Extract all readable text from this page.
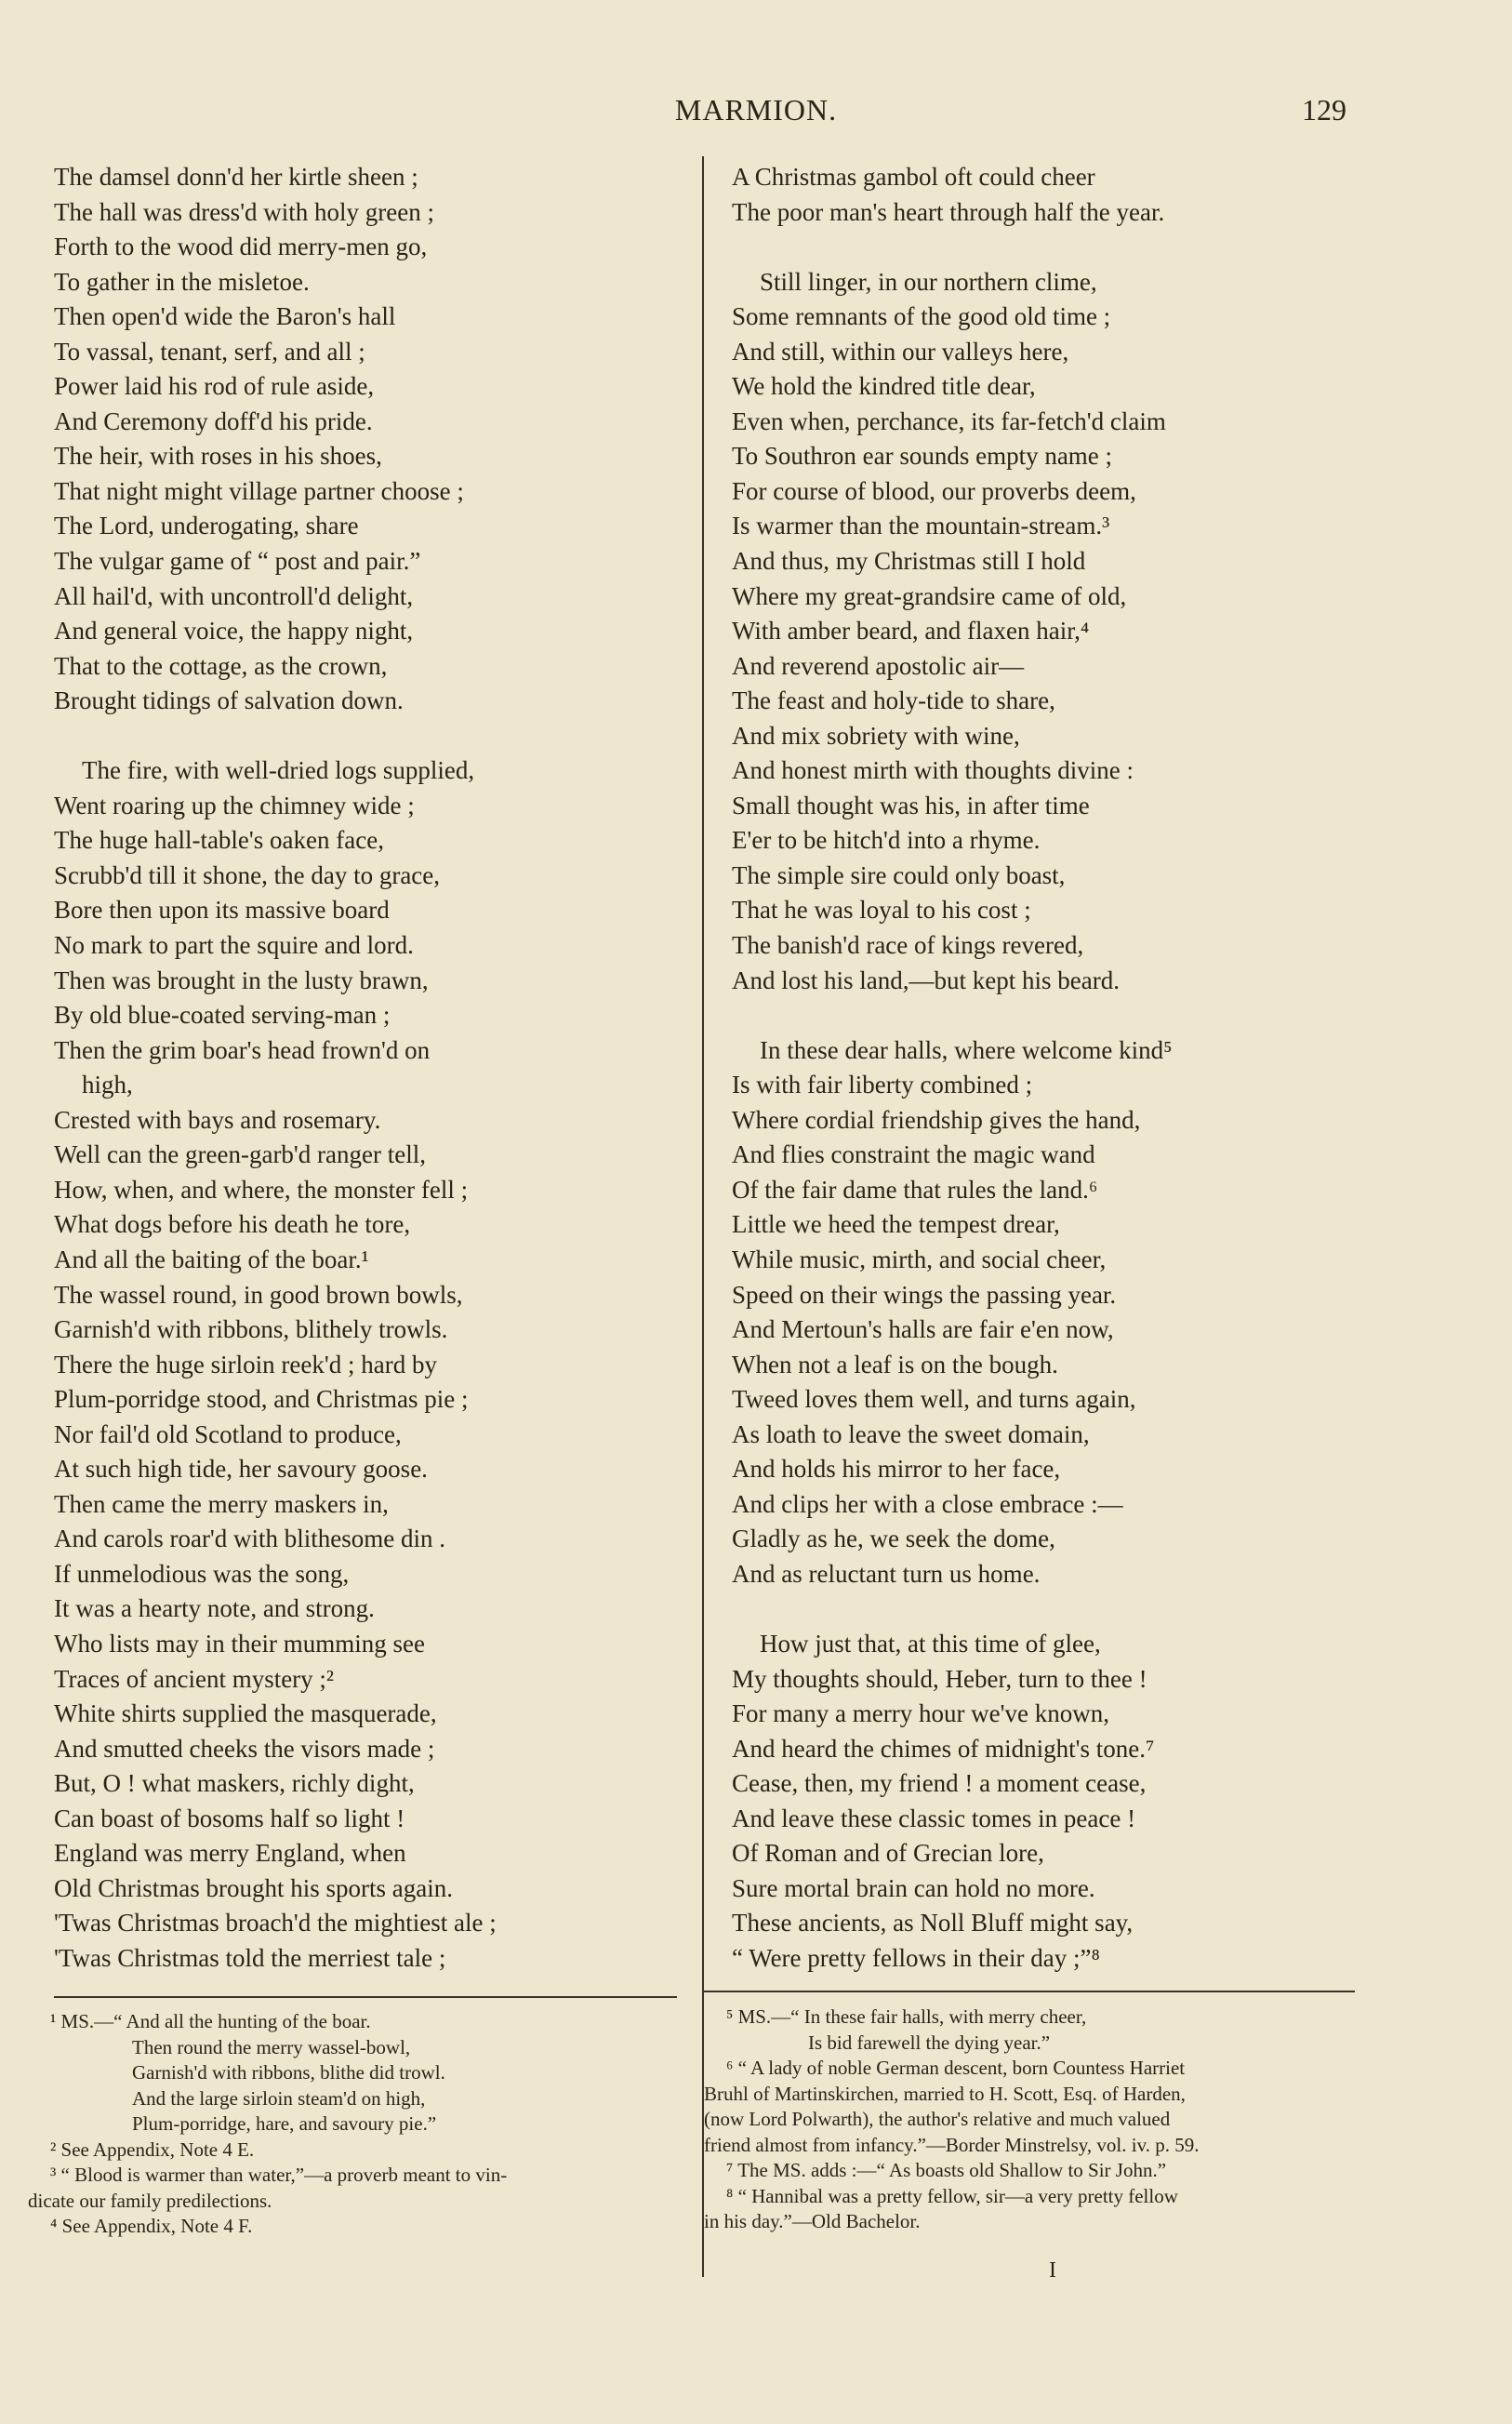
MARMION.	129
The damsel donn'd her kirtle sheen ;
The hall was dress'd with holy green ;
Forth to the wood did merry-men go,
To gather in the misletoe.
Then open'd wide the Baron's hall
To vassal, tenant, serf, and all ;
Power laid his rod of rule aside,
And Ceremony doff'd his pride.
The heir, with roses in his shoes,
That night might village partner choose ;
The Lord, underogating, share
The vulgar game of “ post and pair.”
All hail'd, with uncontroll'd delight,
And general voice, the happy night,
That to the cottage, as the crown,
Brought tidings of salvation down.
The fire, with well-dried logs supplied,
Went roaring up the chimney wide ;
The huge hall-table's oaken face,
Scrubb'd till it shone, the day to grace,
Bore then upon its massive board
No mark to part the squire and lord.
Then was brought in the lusty brawn,
By old blue-coated serving-man ;
Then the grim boar's head frown'd on
high,
Crested with bays and rosemary.
Well can the green-garb'd ranger tell,
How, when, and where, the monster fell ;
What dogs before his death he tore,
And all the baiting of the boar.¹
The wassel round, in good brown bowls,
Garnish'd with ribbons, blithely trowls.
There the huge sirloin reek'd ; hard by
Plum-porridge stood, and Christmas pie ;
Nor fail'd old Scotland to produce,
At such high tide, her savoury goose.
Then came the merry maskers in,
And carols roar'd with blithesome din .
If unmelodious was the song,
It was a hearty note, and strong.
Who lists may in their mumming see
Traces of ancient mystery ;²
White shirts supplied the masquerade,
And smutted cheeks the visors made ;
But, O ! what maskers, richly dight,
Can boast of bosoms half so light !
England was merry England, when
Old Christmas brought his sports again.
'Twas Christmas broach'd the mightiest ale ;
'Twas Christmas told the merriest tale ;
A Christmas gambol oft could cheer
The poor man's heart through half the year.
Still linger, in our northern clime,
Some remnants of the good old time ;
And still, within our valleys here,
We hold the kindred title dear,
Even when, perchance, its far-fetch'd claim
To Southron ear sounds empty name ;
For course of blood, our proverbs deem,
Is warmer than the mountain-stream.³
And thus, my Christmas still I hold
Where my great-grandsire came of old,
With amber beard, and flaxen hair,⁴
And reverend apostolic air—
The feast and holy-tide to share,
And mix sobriety with wine,
And honest mirth with thoughts divine :
Small thought was his, in after time
E'er to be hitch'd into a rhyme.
The simple sire could only boast,
That he was loyal to his cost ;
The banish'd race of kings revered,
And lost his land,—but kept his beard.
In these dear halls, where welcome kind⁵
Is with fair liberty combined ;
Where cordial friendship gives the hand,
And flies constraint the magic wand
Of the fair dame that rules the land.⁶
Little we heed the tempest drear,
While music, mirth, and social cheer,
Speed on their wings the passing year.
And Mertoun's halls are fair e'en now,
When not a leaf is on the bough.
Tweed loves them well, and turns again,
As loath to leave the sweet domain,
And holds his mirror to her face,
And clips her with a close embrace :—
Gladly as he, we seek the dome,
And as reluctant turn us home.
How just that, at this time of glee,
My thoughts should, Heber, turn to thee !
For many a merry hour we've known,
And heard the chimes of midnight's tone.⁷
Cease, then, my friend ! a moment cease,
And leave these classic tomes in peace !
Of Roman and of Grecian lore,
Sure mortal brain can hold no more.
These ancients, as Noll Bluff might say,
“ Were pretty fellows in their day ;”⁸
¹ MS.—“ And all the hunting of the boar.
Then round the merry wassel-bowl,
Garnish'd with ribbons, blithe did trowl.
And the large sirloin steam'd on high,
Plum-porridge, hare, and savoury pie.”
² See Appendix, Note 4 E.
³ “ Blood is warmer than water,”—a proverb meant to vin-
dicate our family predilections.
⁴ See Appendix, Note 4 F.
⁵ MS.—“ In these fair halls, with merry cheer,
Is bid farewell the dying year.”
⁶ “ A lady of noble German descent, born Countess Harriet
Bruhl of Martinskirchen, married to H. Scott, Esq. of Harden,
(now Lord Polwarth), the author's relative and much valued
friend almost from infancy.”—Border Minstrelsy, vol. iv. p. 59.
⁷ The MS. adds :—“ As boasts old Shallow to Sir John.”
⁸ “ Hannibal was a pretty fellow, sir—a very pretty fellow
in his day.”—Old Bachelor.
I
